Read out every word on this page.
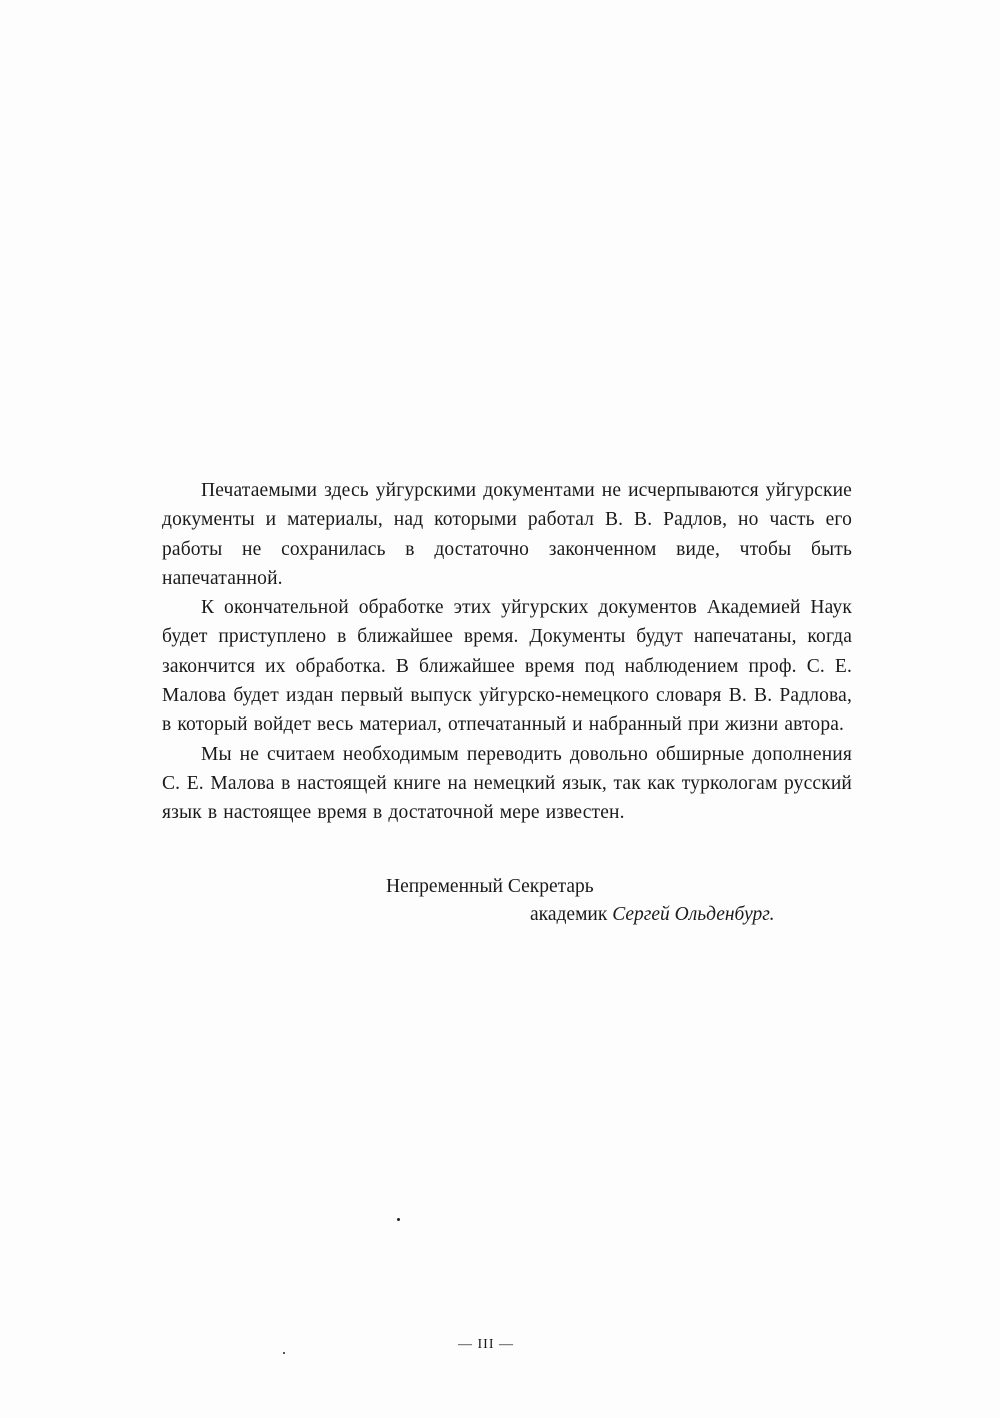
Печатаемыми здесь уйгурскими документами не исчерпываются уйгурские документы и материалы, над которыми работал В. В. Радлов, но часть его работы не сохранилась в достаточно законченном виде, чтобы быть напечатанной.

К окончательной обработке этих уйгурских документов Академией Наук будет приступлено в ближайшее время. Документы будут напечатаны, когда закончится их обработка. В ближайшее время под наблюдением проф. С. Е. Малова будет издан первый выпуск уйгурско-немецкого словаря В. В. Радлова, в который войдет весь материал, отпечатанный и набранный при жизни автора.

Мы не считаем необходимым переводить довольно обширные дополнения С. Е. Малова в настоящей книге на немецкий язык, так как туркологам русский язык в настоящее время в достаточной мере известен.

Непременный Секретарь
академик Сергей Ольденбург.
— III —
